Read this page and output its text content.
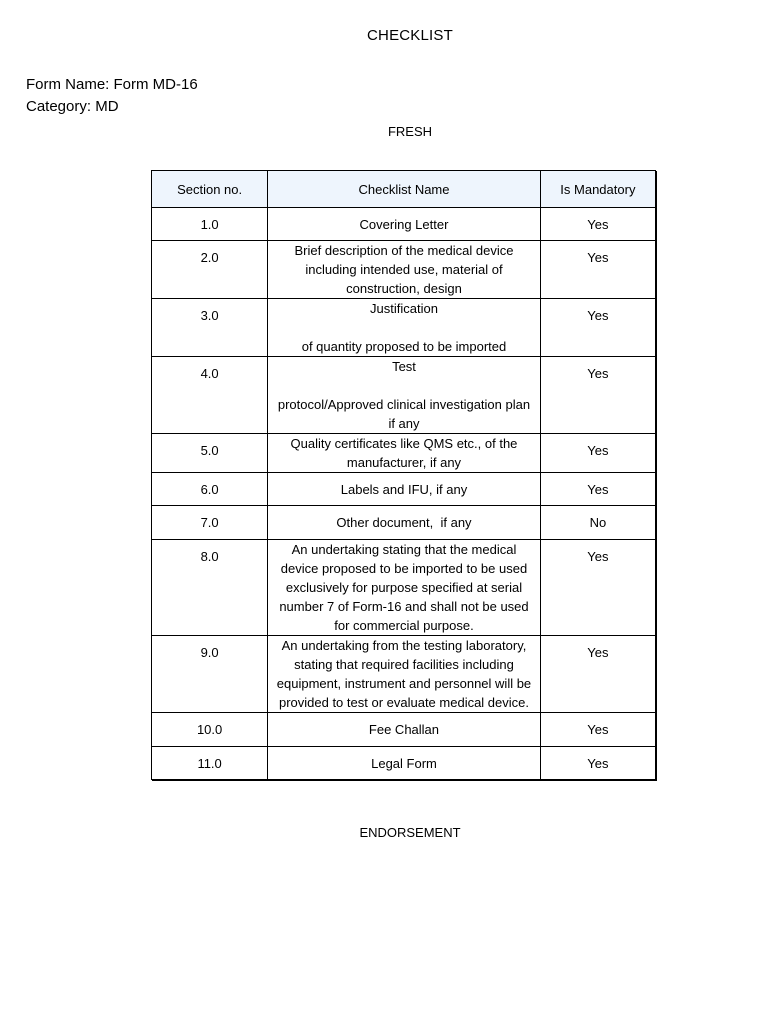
CHECKLIST
Form Name: Form MD-16
Category: MD
FRESH
Section no.	Checklist Name	Is Mandatory
1.0	Covering Letter	Yes
2.0	Brief description of the medical device
including intended use, material of
construction, design	Yes
3.0	Justification
of quantity proposed to be imported	Yes
4.0	Test
protocol/Approved clinical investigation plan
if any	Yes
5.0	Quality certificates like QMS etc., of the
manufacturer, if any	Yes
6.0	Labels and IFU, if any	Yes
7.0	Other document,  if any	No
8.0	An undertaking stating that the medical
device proposed to be imported to be used
exclusively for purpose specified at serial
number 7 of Form-16 and shall not be used
for commercial purpose.	Yes
9.0	An undertaking from the testing laboratory,
stating that required facilities including
equipment, instrument and personnel will be
provided to test or evaluate medical device.	Yes
10.0	Fee Challan	Yes
11.0	Legal Form	Yes
ENDORSEMENT
